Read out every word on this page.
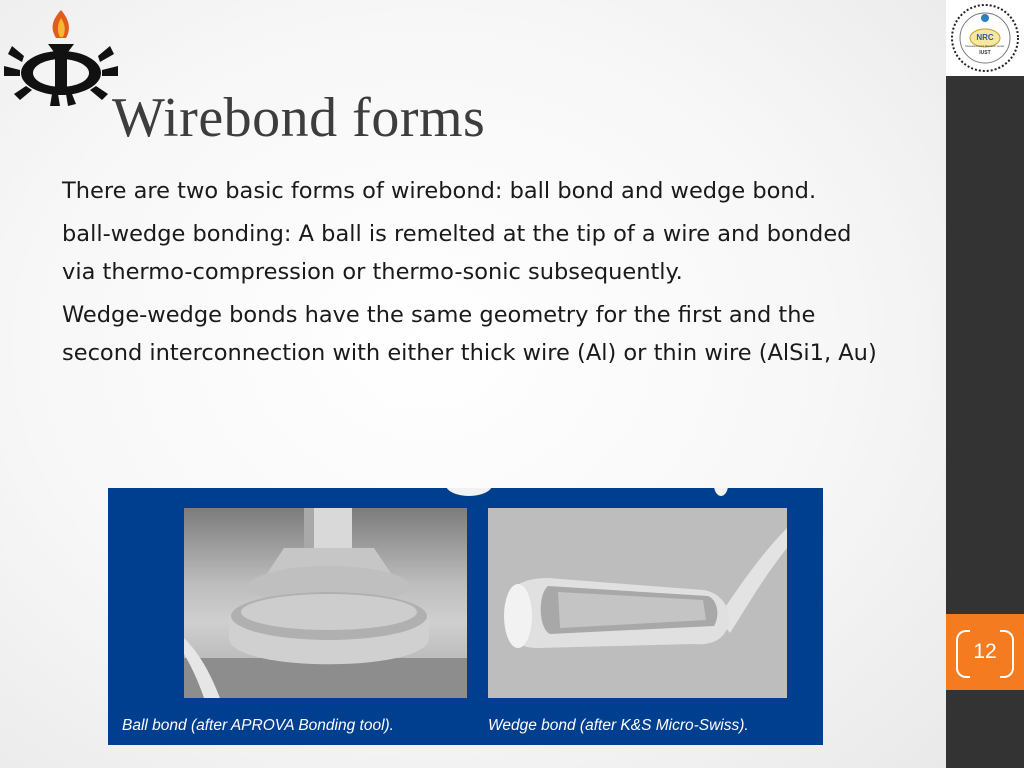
NRC
Nanoelectronics Research Center
IUST
Wirebond forms

There are two basic forms of wirebond: ball bond and wedge bond.

ball-wedge bonding: A ball is remelted at the tip of a wire and bonded via thermo-compression or thermo-sonic subsequently.

Wedge-wedge bonds have the same geometry for the first and the second interconnection with either thick wire (Al) or thin wire (AlSi1, Au)

Ball bond (after APROVA Bonding tool).	Wedge bond (after K&S Micro-Swiss).
12
